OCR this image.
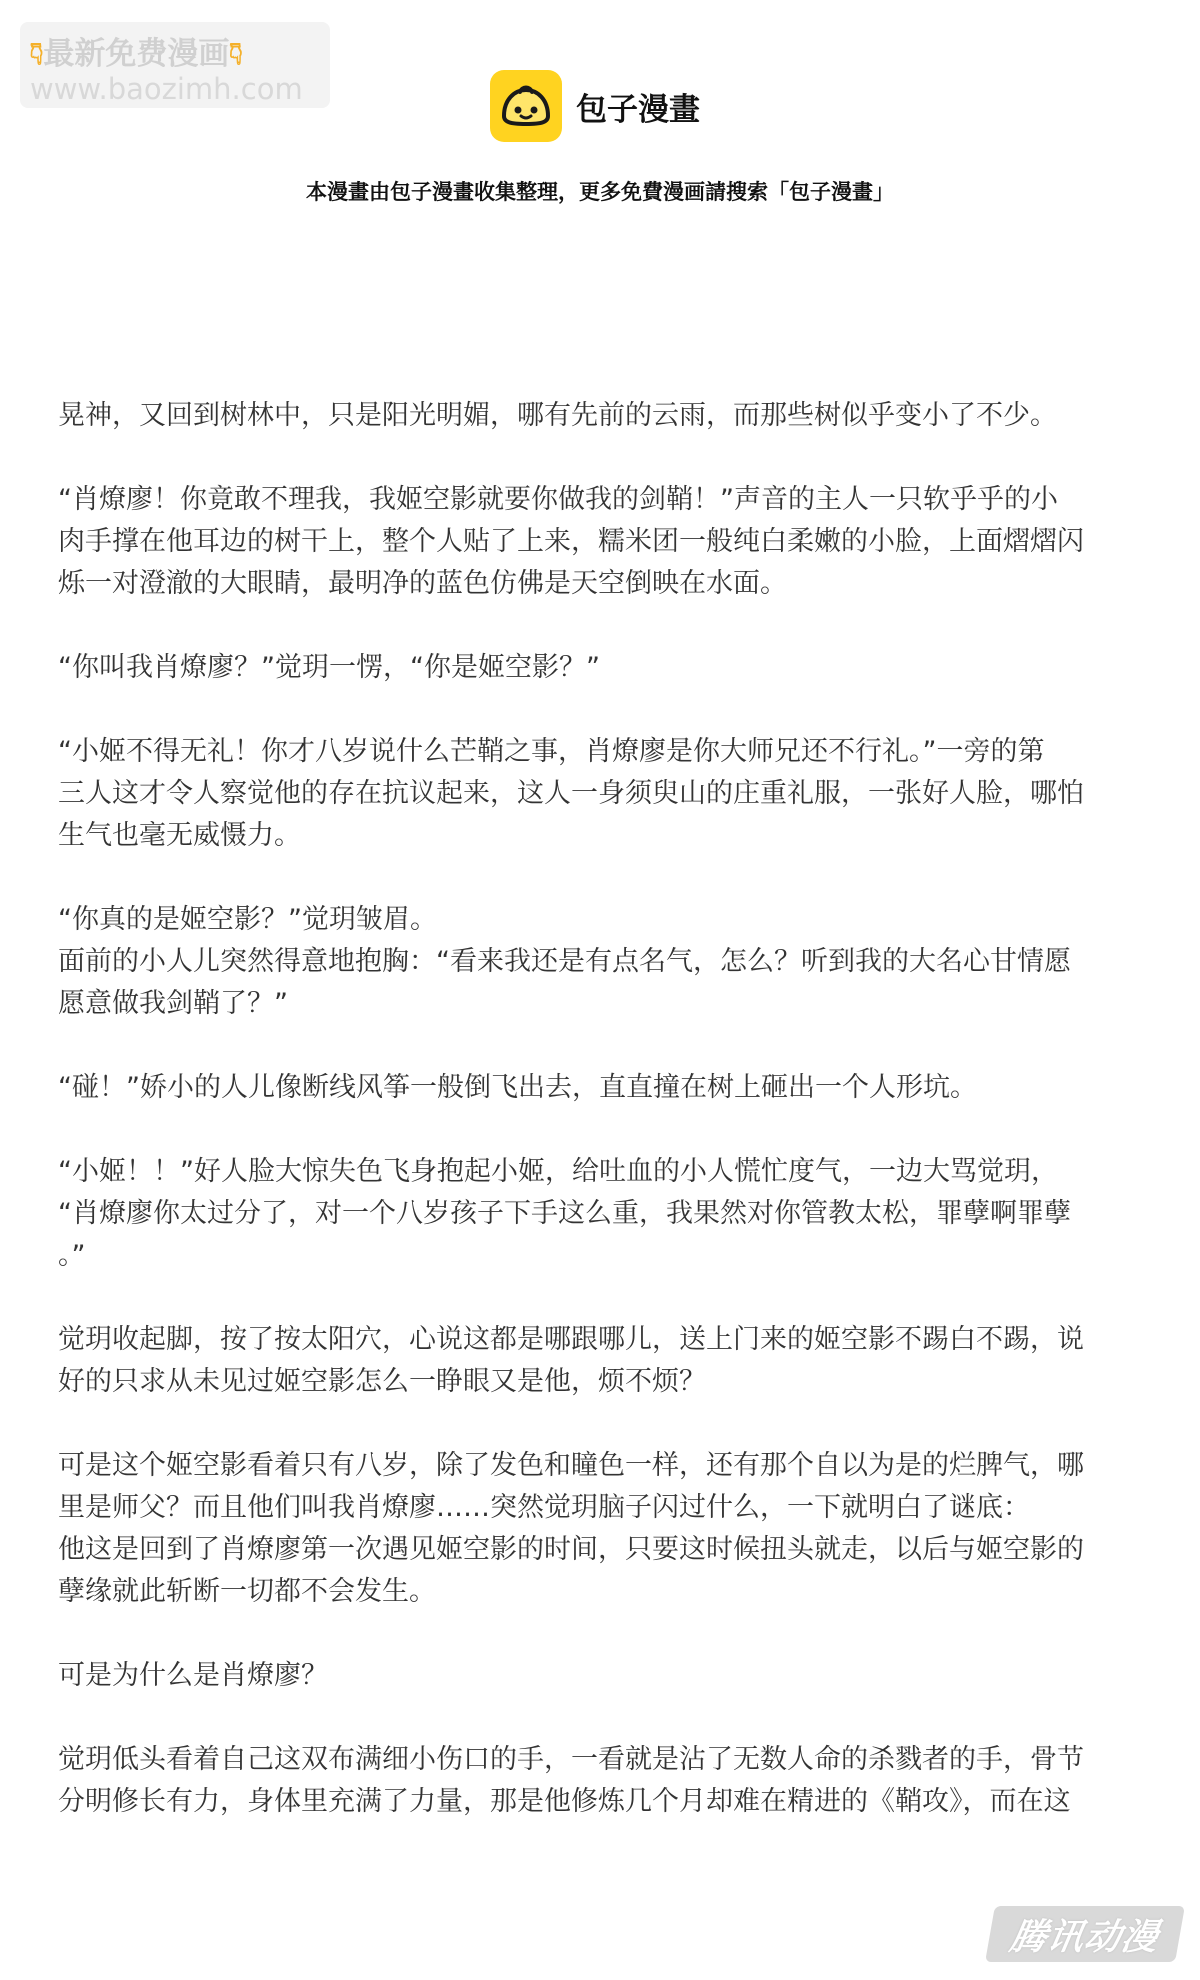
👇︎最新免费漫画👇︎
www.baozimh.com
包子漫畫
本漫畫由包子漫畫收集整理，更多免費漫画請搜索「包子漫畫」

晃神，又回到树林中，只是阳光明媚，哪有先前的云雨，而那些树似乎变小了不少。

“肖燎廖！你竟敢不理我，我姬空影就要你做我的剑鞘！”声音的主人一只软乎乎的小
肉手撑在他耳边的树干上，整个人贴了上来，糯米团一般纯白柔嫩的小脸，上面熠熠闪
烁一对澄澈的大眼睛，最明净的蓝色仿佛是天空倒映在水面。

“你叫我肖燎廖？”觉玥一愣，“你是姬空影？”

“小姬不得无礼！你才八岁说什么芒鞘之事，肖燎廖是你大师兄还不行礼。”一旁的第
三人这才令人察觉他的存在抗议起来，这人一身须臾山的庄重礼服，一张好人脸，哪怕
生气也毫无威慑力。

“你真的是姬空影？”觉玥皱眉。
面前的小人儿突然得意地抱胸：“看来我还是有点名气，怎么？听到我的大名心甘情愿
愿意做我剑鞘了？”

“碰！”娇小的人儿像断线风筝一般倒飞出去，直直撞在树上砸出一个人形坑。

“小姬！！”好人脸大惊失色飞身抱起小姬，给吐血的小人慌忙度气，一边大骂觉玥，
“肖燎廖你太过分了，对一个八岁孩子下手这么重，我果然对你管教太松，罪孽啊罪孽
。”

觉玥收起脚，按了按太阳穴，心说这都是哪跟哪儿，送上门来的姬空影不踢白不踢，说
好的只求从未见过姬空影怎么一睁眼又是他，烦不烦？

可是这个姬空影看着只有八岁，除了发色和瞳色一样，还有那个自以为是的烂脾气，哪
里是师父？而且他们叫我肖燎廖……突然觉玥脑子闪过什么，一下就明白了谜底：
他这是回到了肖燎廖第一次遇见姬空影的时间，只要这时候扭头就走，以后与姬空影的
孽缘就此斩断一切都不会发生。

可是为什么是肖燎廖？

觉玥低头看着自己这双布满细小伤口的手，一看就是沾了无数人命的杀戮者的手，骨节
分明修长有力，身体里充满了力量，那是他修炼几个月却难在精进的《鞘攻》，而在这

腾讯动漫
